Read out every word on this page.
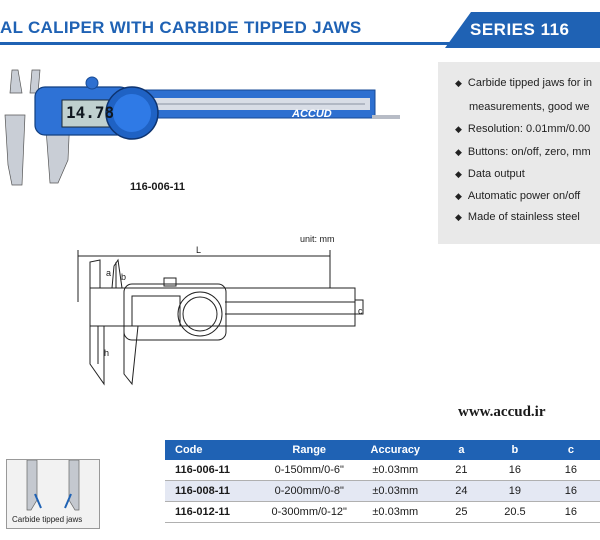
AL CALIPER WITH CARBIDE TIPPED JAWS	SERIES 116
14.78	ACCUD
116-006-11
◆ Carbide tipped jaws for in
measurements, good we
◆ Resolution: 0.01mm/0.00
◆ Buttons: on/off, zero, mm
◆ Data output
◆ Automatic power on/off
◆ Made of stainless steel
unit: mm
L
a b
c
h
www.accud.ir
Carbide tipped jaws
Code	Range	Accuracy	a	b	c
116-006-11	0-150mm/0-6"	±0.03mm	21	16	16
116-008-11	0-200mm/0-8"	±0.03mm	24	19	16
116-012-11	0-300mm/0-12"	±0.03mm	25	20.5	16
